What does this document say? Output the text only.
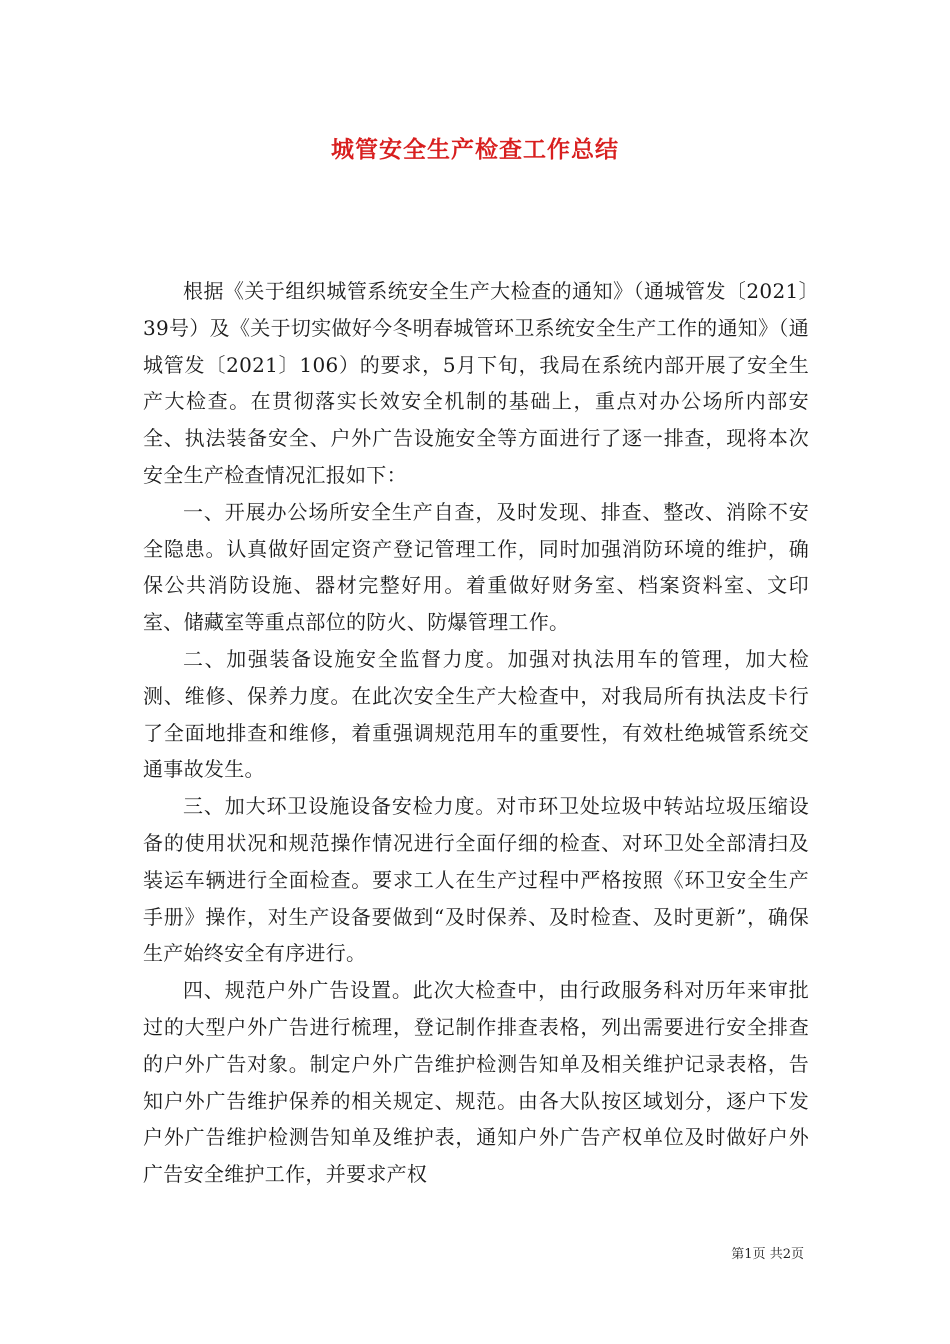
城管安全生产检查工作总结

根据《关于组织城管系统安全生产大检查的通知》（通城管发〔2021〕39号）及《关于切实做好今冬明春城管环卫系统安全生产工作的通知》（通城管发〔2021〕106）的要求，5月下旬，我局在系统内部开展了安全生产大检查。在贯彻落实长效安全机制的基础上，重点对办公场所内部安全、执法装备安全、户外广告设施安全等方面进行了逐一排查，现将本次安全生产检查情况汇报如下：

一、开展办公场所安全生产自查，及时发现、排查、整改、消除不安全隐患。认真做好固定资产登记管理工作，同时加强消防环境的维护，确保公共消防设施、器材完整好用。着重做好财务室、档案资料室、文印室、储藏室等重点部位的防火、防爆管理工作。

二、加强装备设施安全监督力度。加强对执法用车的管理，加大检测、维修、保养力度。在此次安全生产大检查中，对我局所有执法皮卡行了全面地排查和维修，着重强调规范用车的重要性，有效杜绝城管系统交通事故发生。

三、加大环卫设施设备安检力度。对市环卫处垃圾中转站垃圾压缩设备的使用状况和规范操作情况进行全面仔细的检查、对环卫处全部清扫及装运车辆进行全面检查。要求工人在生产过程中严格按照《环卫安全生产手册》操作，对生产设备要做到“及时保养、及时检查、及时更新”，确保生产始终安全有序进行。

四、规范户外广告设置。此次大检查中，由行政服务科对历年来审批过的大型户外广告进行梳理，登记制作排查表格，列出需要进行安全排查的户外广告对象。制定户外广告维护检测告知单及相关维护记录表格，告知户外广告维护保养的相关规定、规范。由各大队按区域划分，逐户下发户外广告维护检测告知单及维护表，通知户外广告产权单位及时做好户外广告安全维护工作，并要求产权

第1页 共2页
